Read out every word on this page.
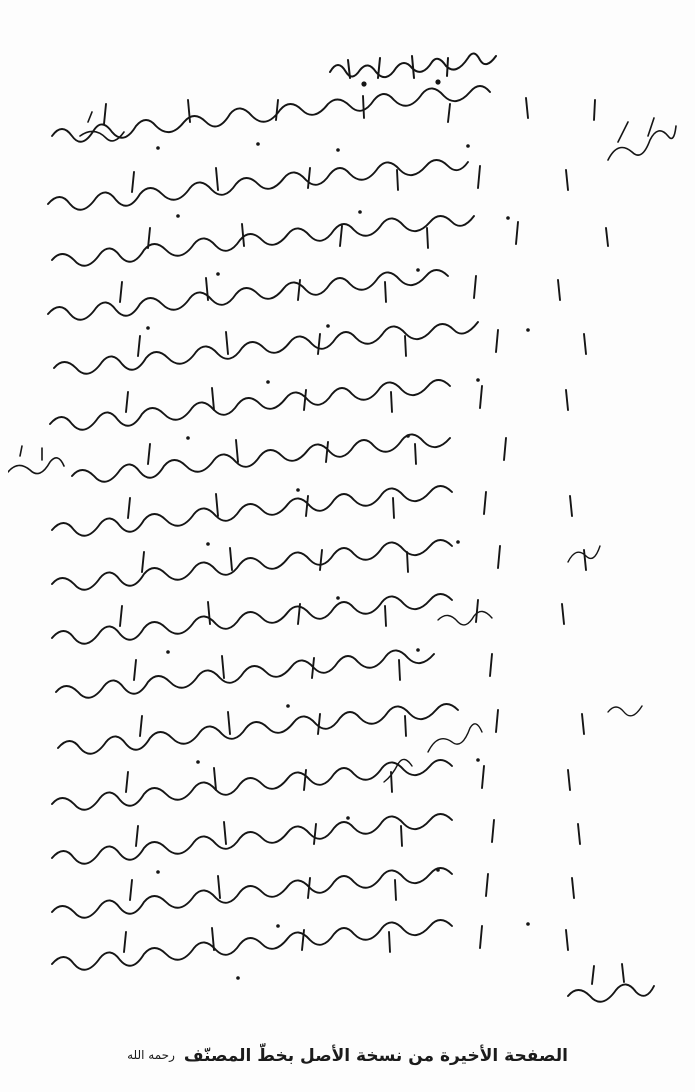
الصفحة الأخيرة من نسخة الأصل بخطّ المصنّف رحمه الله
